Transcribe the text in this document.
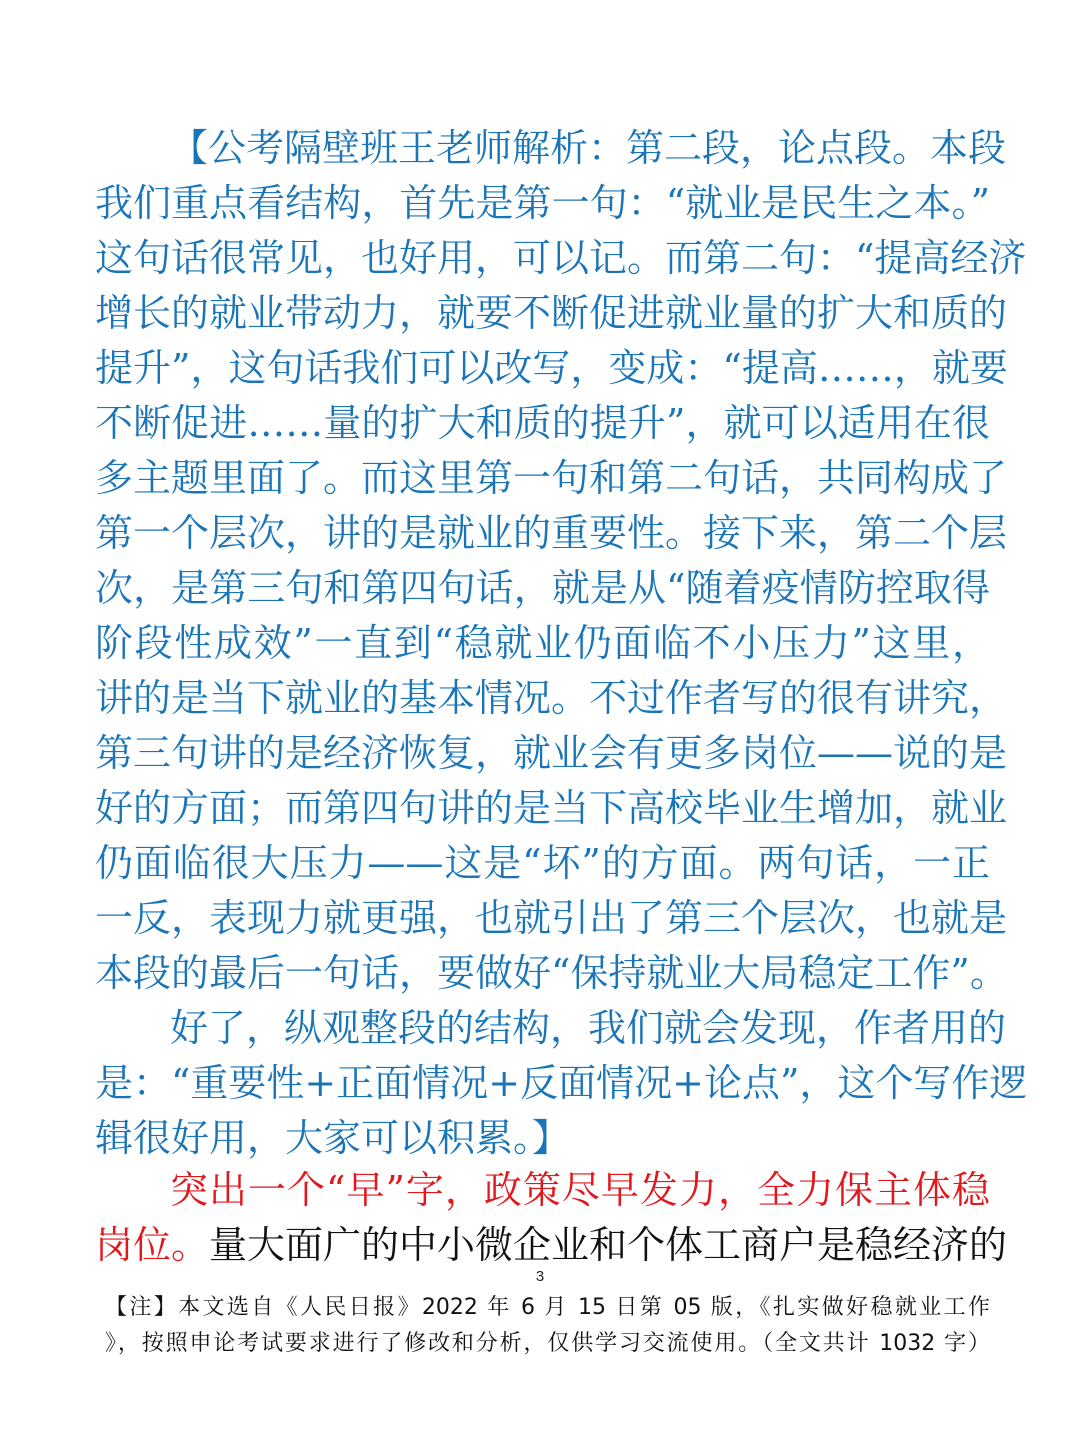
【公考隔壁班王老师解析：第二段，论点段。本段
我们重点看结构，首先是第一句：“就业是民生之本。”
这句话很常见，也好用，可以记。而第二句：“提高经济
增长的就业带动力，就要不断促进就业量的扩大和质的
提升”，这句话我们可以改写，变成：“提高……，就要
不断促进……量的扩大和质的提升”，就可以适用在很
多主题里面了。而这里第一句和第二句话，共同构成了
第一个层次，讲的是就业的重要性。接下来，第二个层
次，是第三句和第四句话，就是从“随着疫情防控取得
阶段性成效”一直到“稳就业仍面临不小压力”这里，
讲的是当下就业的基本情况。不过作者写的很有讲究，
第三句讲的是经济恢复，就业会有更多岗位——说的是
好的方面；而第四句讲的是当下高校毕业生增加，就业
仍面临很大压力——这是“坏”的方面。两句话，一正
一反，表现力就更强，也就引出了第三个层次，也就是
本段的最后一句话，要做好“保持就业大局稳定工作”。
好了，纵观整段的结构，我们就会发现，作者用的
是：“重要性+正面情况+反面情况+论点”，这个写作逻
辑很好用，大家可以积累。】
突出一个“早”字，政策尽早发力，全力保主体稳
岗位。量大面广的中小微企业和个体工商户是稳经济的
3
【注】本文选自《人民日报》2022 年 6 月 15 日第 05 版，《扎实做好稳就业工作
》，按照申论考试要求进行了修改和分析，仅供学习交流使用。（全文共计 1032 字）
